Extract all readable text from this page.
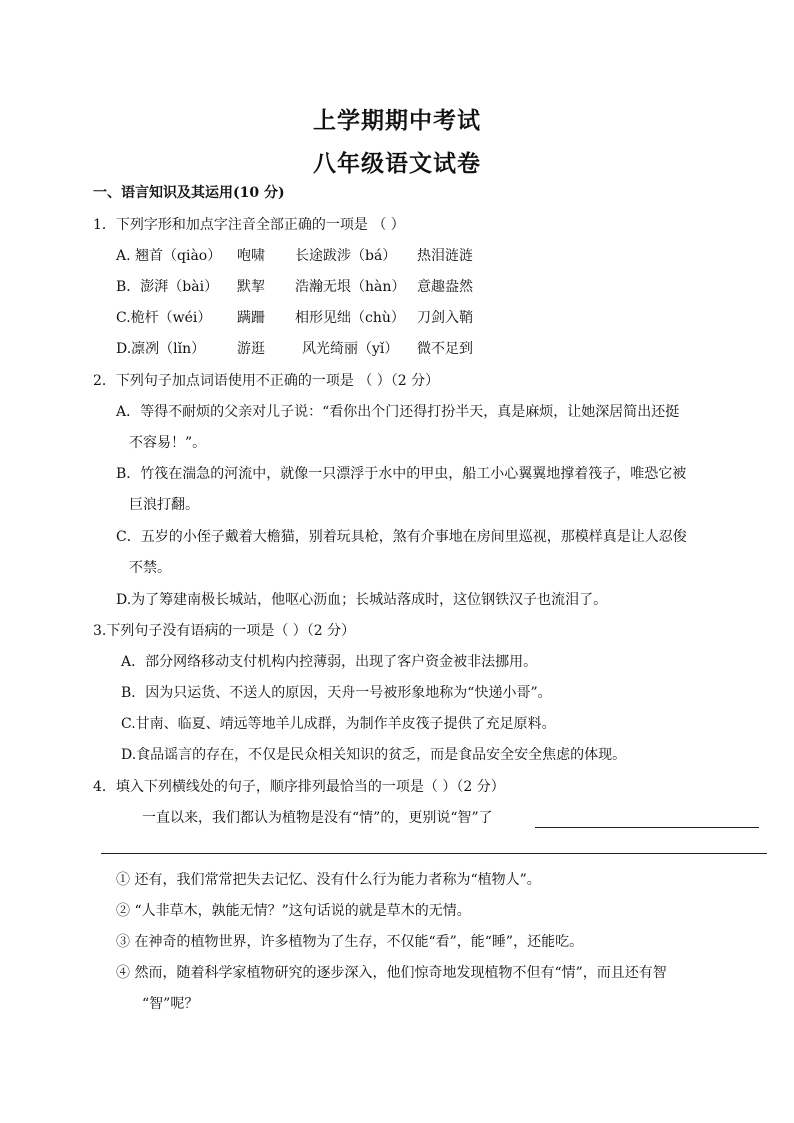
上学期期中考试
八年级语文试卷
一、语言知识及其运用(10 分)
1．下列字形和加点字注音全部正确的一项是 （ ）
A. 翘首（qiào） 咆啸 长途跋涉（bá） 热泪涟涟
B．澎湃（bài） 默挈 浩瀚无垠（hàn） 意趣盎然
C.桅杆（wéi） 蹒跚 相形见绌（chù） 刀剑入鞘
D.凛冽（lǐn） 游逛	风光绮丽（yǐ） 微不足到
2．下列句子加点词语使用不正确的一项是 （ ）（2 分）
A．等得不耐烦的父亲对儿子说：“看你出个门还得打扮半天，真是麻烦，让她深居简出还挺
不容易！”。
B．竹筏在湍急的河流中，就像一只漂浮于水中的甲虫，船工小心翼翼地撑着筏子，唯恐它被
巨浪打翻。
C．五岁的小侄子戴着大檐猫，别着玩具枪，煞有介事地在房间里巡视，那模样真是让人忍俊
不禁。
D.为了筹建南极长城站，他呕心沥血；长城站落成时，这位钢铁汉子也流泪了。
3.下列句子没有语病的一项是（ ）（2 分）
A．部分网络移动支付机构内控薄弱，出现了客户资金被非法挪用。
B．因为只运货、不送人的原因，天舟一号被形象地称为“快递小哥”。
C.甘南、临夏、靖远等地羊儿成群，为制作羊皮筏子提供了充足原料。
D.食品谣言的存在，不仅是民众相关知识的贫乏，而是食品安全安全焦虑的体现。
4．填入下列横线处的句子，顺序排列最恰当的一项是（ ）（2 分）
一直以来，我们都认为植物是没有“情”的，更别说“智”了
① 还有，我们常常把失去记忆、没有什么行为能力者称为“植物人”。
② “人非草木，孰能无情？”这句话说的就是草木的无情。
③ 在神奇的植物世界，许多植物为了生存，不仅能“看”，能“睡”，还能吃。
④ 然而，随着科学家植物研究的逐步深入，他们惊奇地发现植物不但有“情”，而且还有智
“智”呢？
